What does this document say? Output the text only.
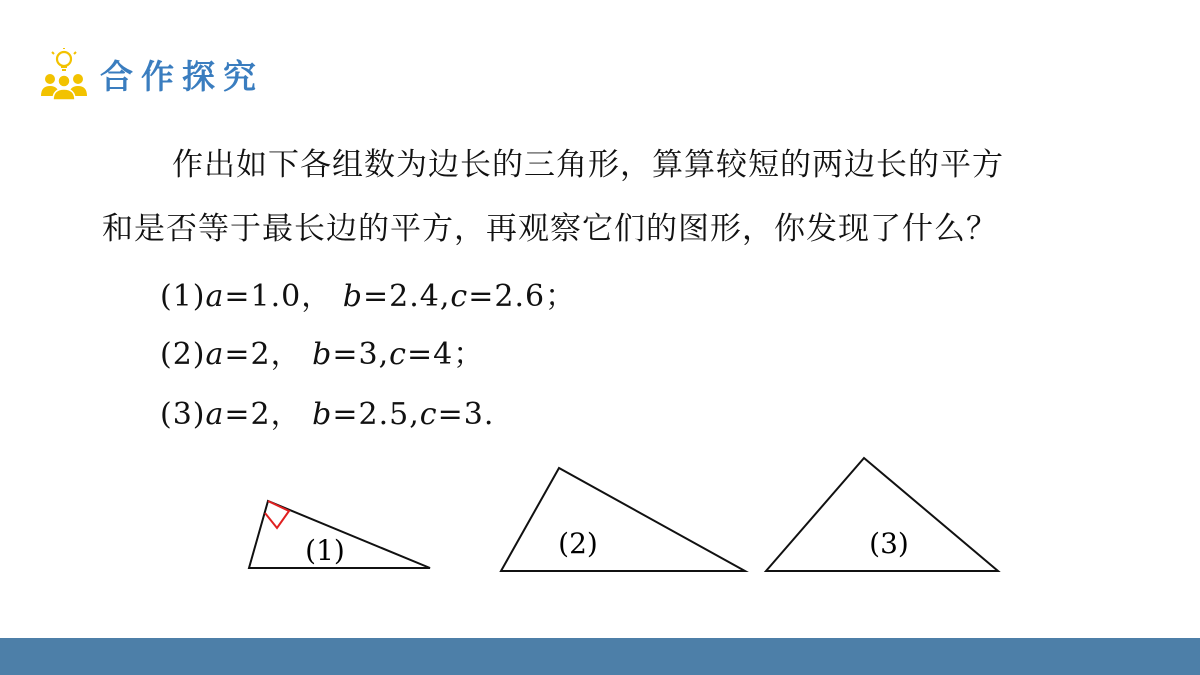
合作探究
作出如下各组数为边长的三角形，算算较短的两边长的平方
和是否等于最长边的平方，再观察它们的图形，你发现了什么？
(1)a=1.0， b=2.4,c=2.6；
(2)a=2， b=3,c=4；
(3)a=2， b=2.5,c=3.
(1)	(2)	(3)
